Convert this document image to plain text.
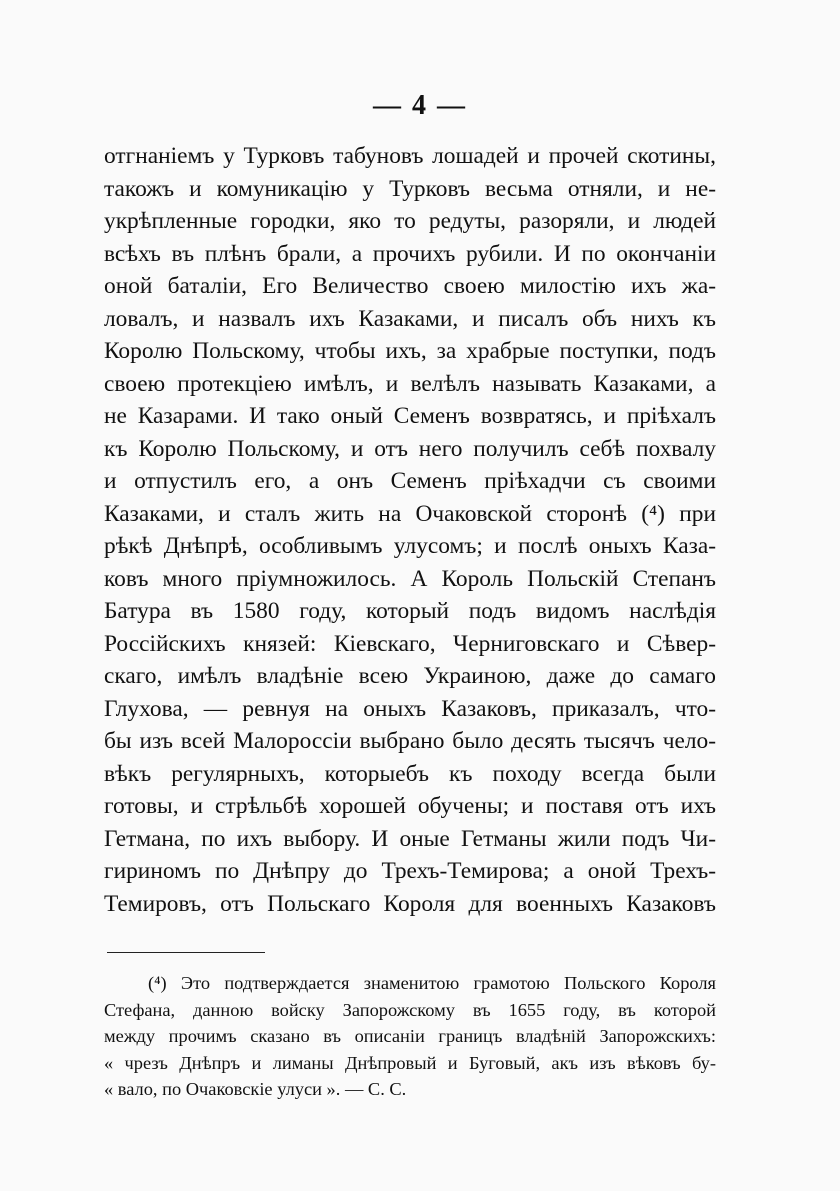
— 4 —
отгнаніемъ у Турковъ табуновъ лошадей и прочей скотины,
такожъ и комуникацію у Турковъ весьма отняли, и не-
укрѣпленные городки, яко то редуты, разоряли, и людей
всѣхъ въ плѣнъ брали, а прочихъ рубили. И по окончаніи
оной баталіи, Его Величество своею милостію ихъ жа-
ловалъ, и назвалъ ихъ Казаками, и писалъ объ нихъ къ
Королю Польскому, чтобы ихъ, за храбрые поступки, подъ
своею протекціею имѣлъ, и велѣлъ называть Казаками, а
не Казарами. И тако оный Семенъ возвратясь, и пріѣхалъ
къ Королю Польскому, и отъ него получилъ себѣ похвалу
и отпустилъ его, а онъ Семенъ пріѣхадчи съ своими
Казаками, и сталъ жить на Очаковской сторонѣ (⁴) при
рѣкѣ Днѣпрѣ, особливымъ улусомъ; и послѣ оныхъ Каза-
ковъ много пріумножилось. А Король Польскій Степанъ
Батура въ 1580 году, который подъ видомъ наслѣдія
Россійскихъ князей: Кіевскаго, Черниговскаго и Сѣвер-
скаго, имѣлъ владѣніе всею Украиною, даже до самаго
Глухова, — ревнуя на оныхъ Казаковъ, приказалъ, что-
бы изъ всей Малороссіи выбрано было десять тысячъ чело-
вѣкъ регулярныхъ, которыебъ къ походу всегда были
готовы, и стрѣльбѣ хорошей обучены; и поставя отъ ихъ
Гетмана, по ихъ выбору. И оные Гетманы жили подъ Чи-
гириномъ по Днѣпру до Трехъ-Темирова; а оной Трехъ-
Темировъ, отъ Польскаго Короля для военныхъ Казаковъ
(⁴) Это подтверждается знаменитою грамотою Польского Короля
Стефана, данною войску Запорожскому въ 1655 году, въ которой
между прочимъ сказано въ описаніи границъ владѣній Запорожскихъ:
« чрезъ Днѣпръ и лиманы Днѣпровый и Буговый, акъ изъ вѣковъ бу-
« вало, по Очаковскіе улуси ». — С. С.
